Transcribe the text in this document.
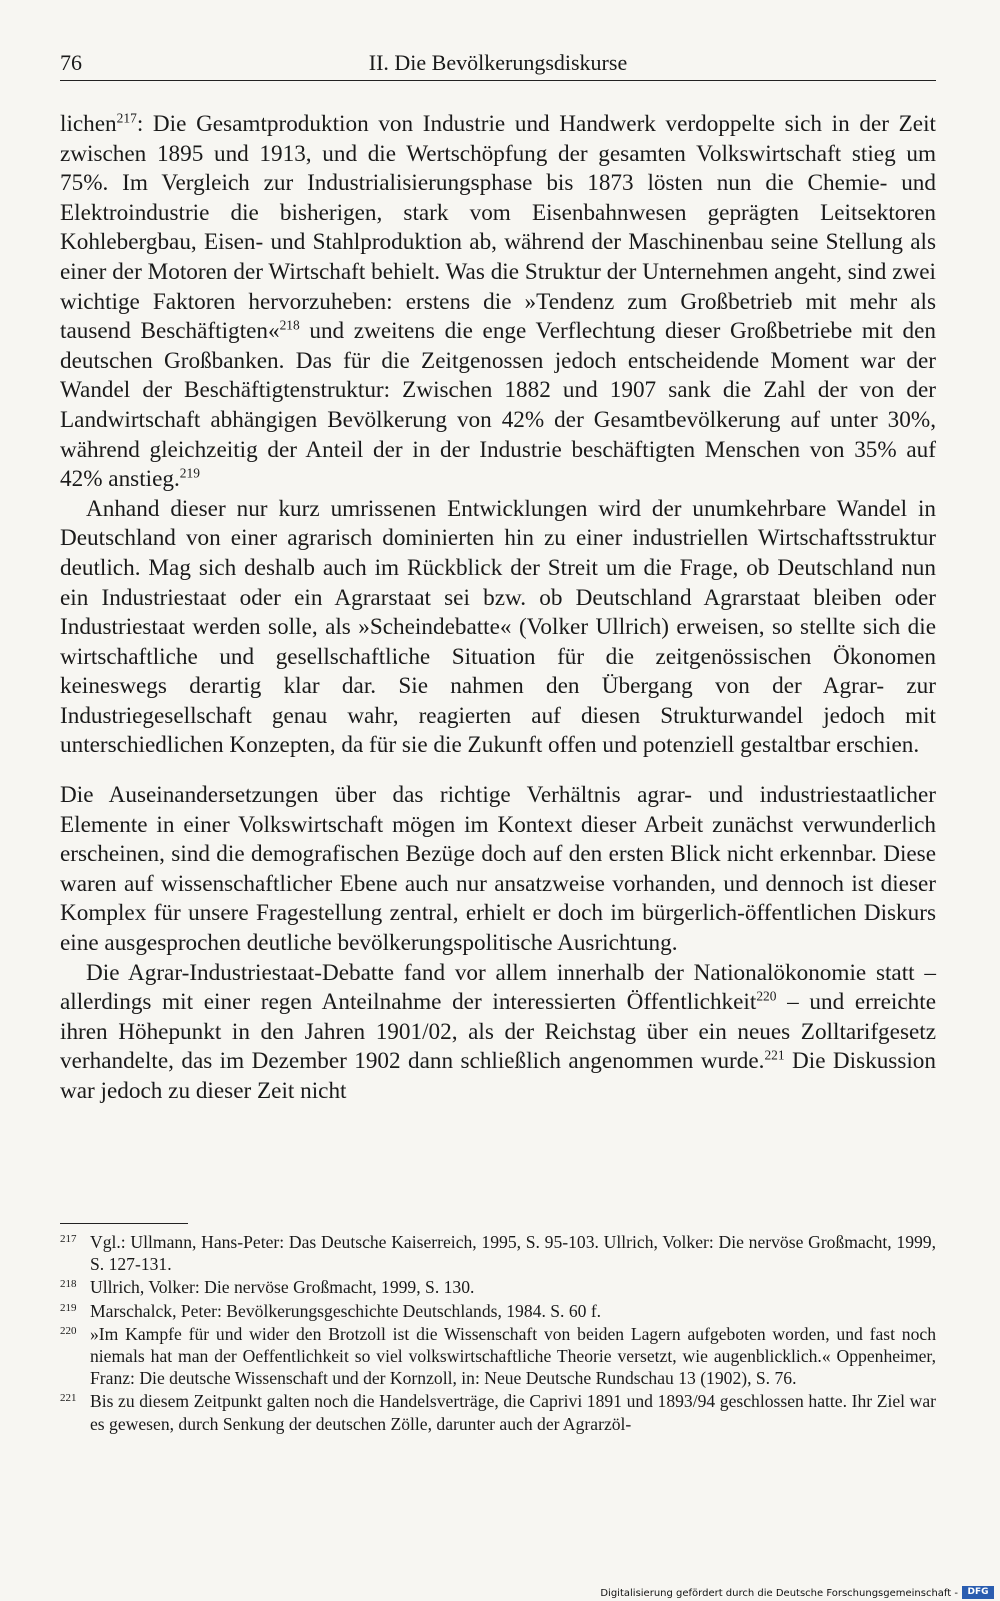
76	II. Die Bevölkerungsdiskurse

lichen$^{217}$: Die Gesamtproduktion von Industrie und Handwerk verdoppelte sich in der Zeit zwischen 1895 und 1913, und die Wertschöpfung der gesamten Volkswirtschaft stieg um 75%. Im Vergleich zur Industrialisierungsphase bis 1873 lösten nun die Chemie- und Elektroindustrie die bisherigen, stark vom Eisenbahnwesen geprägten Leitsektoren Kohlebergbau, Eisen- und Stahlproduktion ab, während der Maschinenbau seine Stellung als einer der Motoren der Wirtschaft behielt. Was die Struktur der Unternehmen angeht, sind zwei wichtige Faktoren hervorzuheben: erstens die »Tendenz zum Großbetrieb mit mehr als tausend Beschäftigten«$^{218}$ und zweitens die enge Verflechtung dieser Großbetriebe mit den deutschen Großbanken. Das für die Zeitgenossen jedoch entscheidende Moment war der Wandel der Beschäftigtenstruktur: Zwischen 1882 und 1907 sank die Zahl der von der Landwirtschaft abhängigen Bevölkerung von 42% der Gesamtbevölkerung auf unter 30%, während gleichzeitig der Anteil der in der Industrie beschäftigten Menschen von 35% auf 42% anstieg.$^{219}$

Anhand dieser nur kurz umrissenen Entwicklungen wird der unumkehrbare Wandel in Deutschland von einer agrarisch dominierten hin zu einer industriellen Wirtschaftsstruktur deutlich. Mag sich deshalb auch im Rückblick der Streit um die Frage, ob Deutschland nun ein Industriestaat oder ein Agrarstaat sei bzw. ob Deutschland Agrarstaat bleiben oder Industriestaat werden solle, als »Scheindebatte« (Volker Ullrich) erweisen, so stellte sich die wirtschaftliche und gesellschaftliche Situation für die zeitgenössischen Ökonomen keineswegs derartig klar dar. Sie nahmen den Übergang von der Agrar- zur Industriegesellschaft genau wahr, reagierten auf diesen Strukturwandel jedoch mit unterschiedlichen Konzepten, da für sie die Zukunft offen und potenziell gestaltbar erschien.

Die Auseinandersetzungen über das richtige Verhältnis agrar- und industriestaatlicher Elemente in einer Volkswirtschaft mögen im Kontext dieser Arbeit zunächst verwunderlich erscheinen, sind die demografischen Bezüge doch auf den ersten Blick nicht erkennbar. Diese waren auf wissenschaftlicher Ebene auch nur ansatzweise vorhanden, und dennoch ist dieser Komplex für unsere Fragestellung zentral, erhielt er doch im bürgerlich-öffentlichen Diskurs eine ausgesprochen deutliche bevölkerungspolitische Ausrichtung.

Die Agrar-Industriestaat-Debatte fand vor allem innerhalb der Nationalökonomie statt – allerdings mit einer regen Anteilnahme der interessierten Öffentlichkeit$^{220}$ – und erreichte ihren Höhepunkt in den Jahren 1901/02, als der Reichstag über ein neues Zolltarifgesetz verhandelte, das im Dezember 1902 dann schließlich angenommen wurde.$^{221}$ Die Diskussion war jedoch zu dieser Zeit nicht

217 Vgl.: Ullmann, Hans-Peter: Das Deutsche Kaiserreich, 1995, S. 95-103. Ullrich, Volker: Die nervöse Großmacht, 1999, S. 127-131.
218 Ullrich, Volker: Die nervöse Großmacht, 1999, S. 130.
219 Marschalck, Peter: Bevölkerungsgeschichte Deutschlands, 1984. S. 60 f.
220 »Im Kampfe für und wider den Brotzoll ist die Wissenschaft von beiden Lagern aufgeboten worden, und fast noch niemals hat man der Oeffentlichkeit so viel volkswirtschaftliche Theorie versetzt, wie augenblicklich.« Oppenheimer, Franz: Die deutsche Wissenschaft und der Kornzoll, in: Neue Deutsche Rundschau 13 (1902), S. 76.
221 Bis zu diesem Zeitpunkt galten noch die Handelsverträge, die Caprivi 1891 und 1893/94 geschlossen hatte. Ihr Ziel war es gewesen, durch Senkung der deutschen Zölle, darunter auch der Agrarzöl-
Digitalisierung gefördert durch die Deutsche Forschungsgemeinschaft -	DFG
